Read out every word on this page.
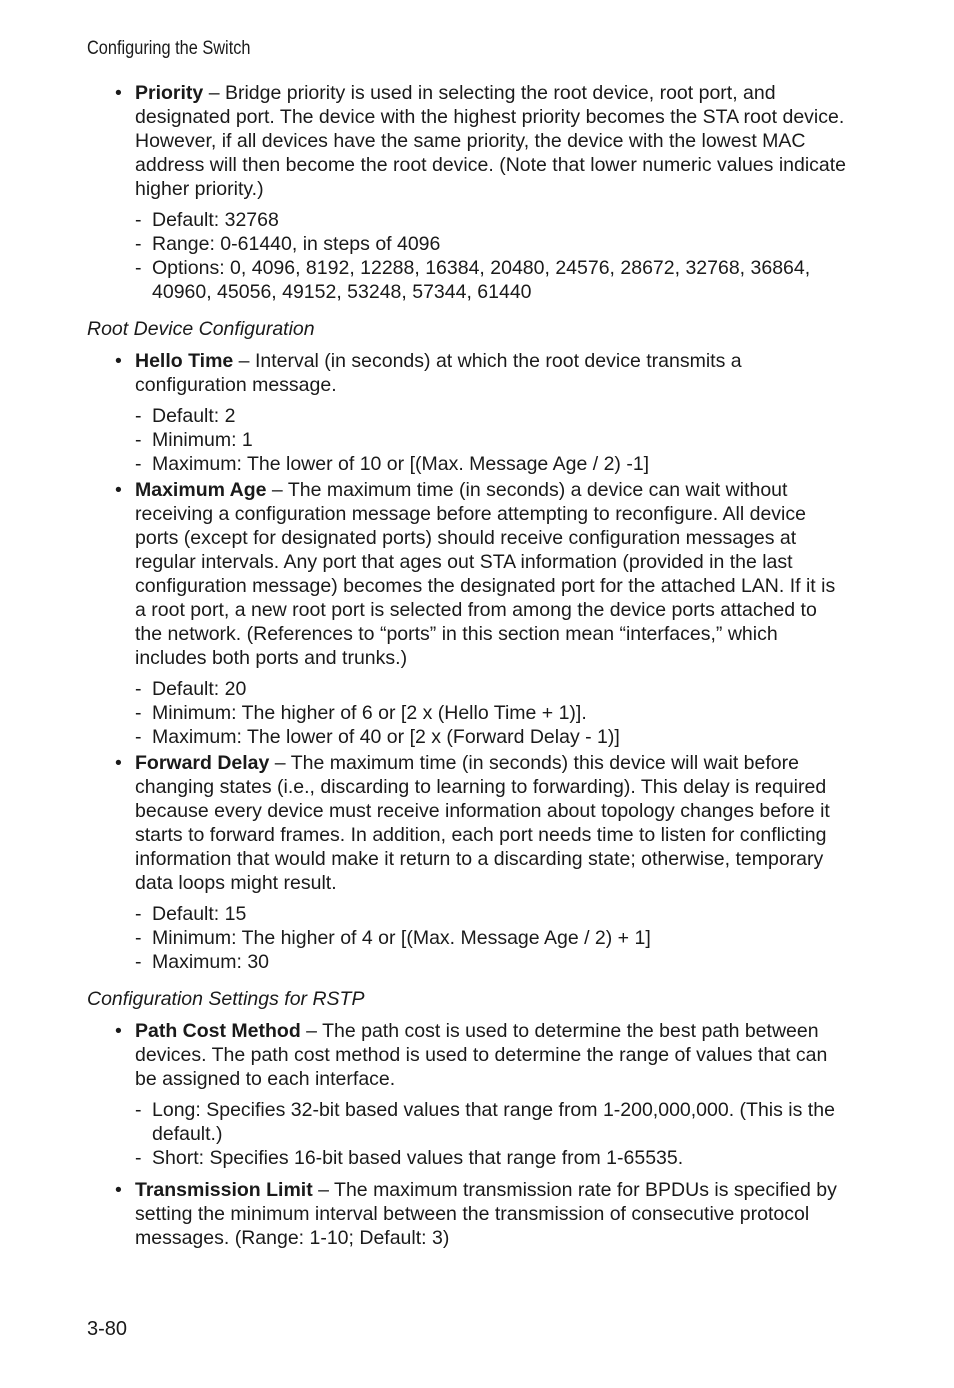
Configuring the Switch
• Priority – Bridge priority is used in selecting the root device, root port, and designated port. The device with the highest priority becomes the STA root device. However, if all devices have the same priority, the device with the lowest MAC address will then become the root device. (Note that lower numeric values indicate higher priority.)
- Default: 32768
- Range: 0-61440, in steps of 4096
- Options: 0, 4096, 8192, 12288, 16384, 20480, 24576, 28672, 32768, 36864, 40960, 45056, 49152, 53248, 57344, 61440
Root Device Configuration
• Hello Time – Interval (in seconds) at which the root device transmits a configuration message.
- Default: 2
- Minimum: 1
- Maximum: The lower of 10 or [(Max. Message Age / 2) -1]
• Maximum Age – The maximum time (in seconds) a device can wait without receiving a configuration message before attempting to reconfigure. All device ports (except for designated ports) should receive configuration messages at regular intervals. Any port that ages out STA information (provided in the last configuration message) becomes the designated port for the attached LAN. If it is a root port, a new root port is selected from among the device ports attached to the network. (References to “ports” in this section mean “interfaces,” which includes both ports and trunks.)
- Default: 20
- Minimum: The higher of 6 or [2 x (Hello Time + 1)].
- Maximum: The lower of 40 or [2 x (Forward Delay - 1)]
• Forward Delay – The maximum time (in seconds) this device will wait before changing states (i.e., discarding to learning to forwarding). This delay is required because every device must receive information about topology changes before it starts to forward frames. In addition, each port needs time to listen for conflicting information that would make it return to a discarding state; otherwise, temporary data loops might result.
- Default: 15
- Minimum: The higher of 4 or [(Max. Message Age / 2) + 1]
- Maximum: 30
Configuration Settings for RSTP
• Path Cost Method – The path cost is used to determine the best path between devices. The path cost method is used to determine the range of values that can be assigned to each interface.
- Long: Specifies 32-bit based values that range from 1-200,000,000. (This is the default.)
- Short: Specifies 16-bit based values that range from 1-65535.
• Transmission Limit – The maximum transmission rate for BPDUs is specified by setting the minimum interval between the transmission of consecutive protocol messages. (Range: 1-10; Default: 3)
3-80
